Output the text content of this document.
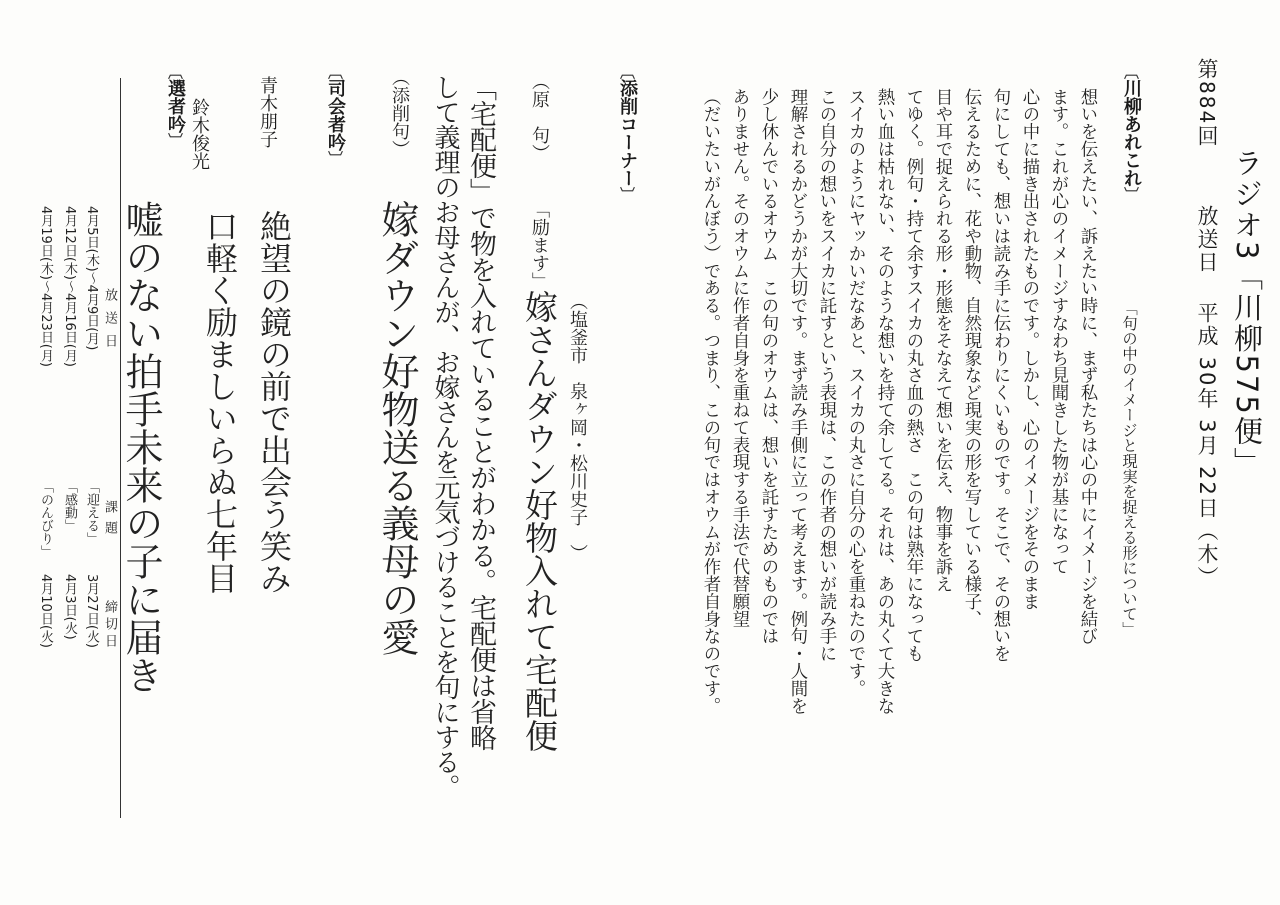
ラジオ3「川柳575便」
第884回
放送日平成 30年 3月 22日（木）
〔川柳あれこれ〕
「句の中のイメージと現実を捉える形について」
想いを伝えたい、訴えたい時に、まず私たちは心の中にイメージを結び
ます。これが心のイメージすなわち見聞きした物が基になって
心の中に描き出されたものです。しかし、心のイメージをそのまま
句にしても、想いは読み手に伝わりにくいものです。そこで、その想いを
伝えるために、花や動物、自然現象など現実の形を写している様子、
目や耳で捉えられる形・形態をそなえて想いを伝え、物事を訴え
てゆく。例句・持て余すスイカの丸さ血の熱さ　この句は熟年になっても
熱い血は枯れない、そのような想いを持て余してる。それは、あの丸くて大きな
スイカのようにヤッかいだなあと、スイカの丸さに自分の心を重ねたのです。
この自分の想いをスイカに託すという表現は、この作者の想いが読み手に
理解されるかどうかが大切です。まず読み手側に立って考えます。例句・人間を
少し休んでいるオウム　この句のオウムは、想いを託すためのものでは
ありません。そのオウムに作者自身を重ねて表現する手法で代替願望
（だいたいがんぼう）である。つまり、この句ではオウムが作者自身なのです。
〔添削コーナー〕
（塩釜市　泉ヶ岡・松川史子　）
（原　句）
「励ます」
嫁さんダウン好物入れて宅配便
「宅配便」で物を入れていることがわかる。宅配便は省略
して義理のお母さんが、お嫁さんを元気づけることを句にする。
（添削句）
嫁ダウン好物送る義母の愛
〔司会者吟〕
青木朋子
絶望の鏡の前で出会う笑み
鈴木俊光
口軽く励ましいらぬ七年目
〔選者吟〕
嘘のない拍手未来の子に届き
放送日
課題
締切日
4月5日(木)〜4月9日(月)
「迎える」
3月27日(火)
4月12日(木)〜4月16日(月)
「感動」
4月3日(火)
4月19日(木)〜4月23日(月)
「のんびり」
4月10日(火)
